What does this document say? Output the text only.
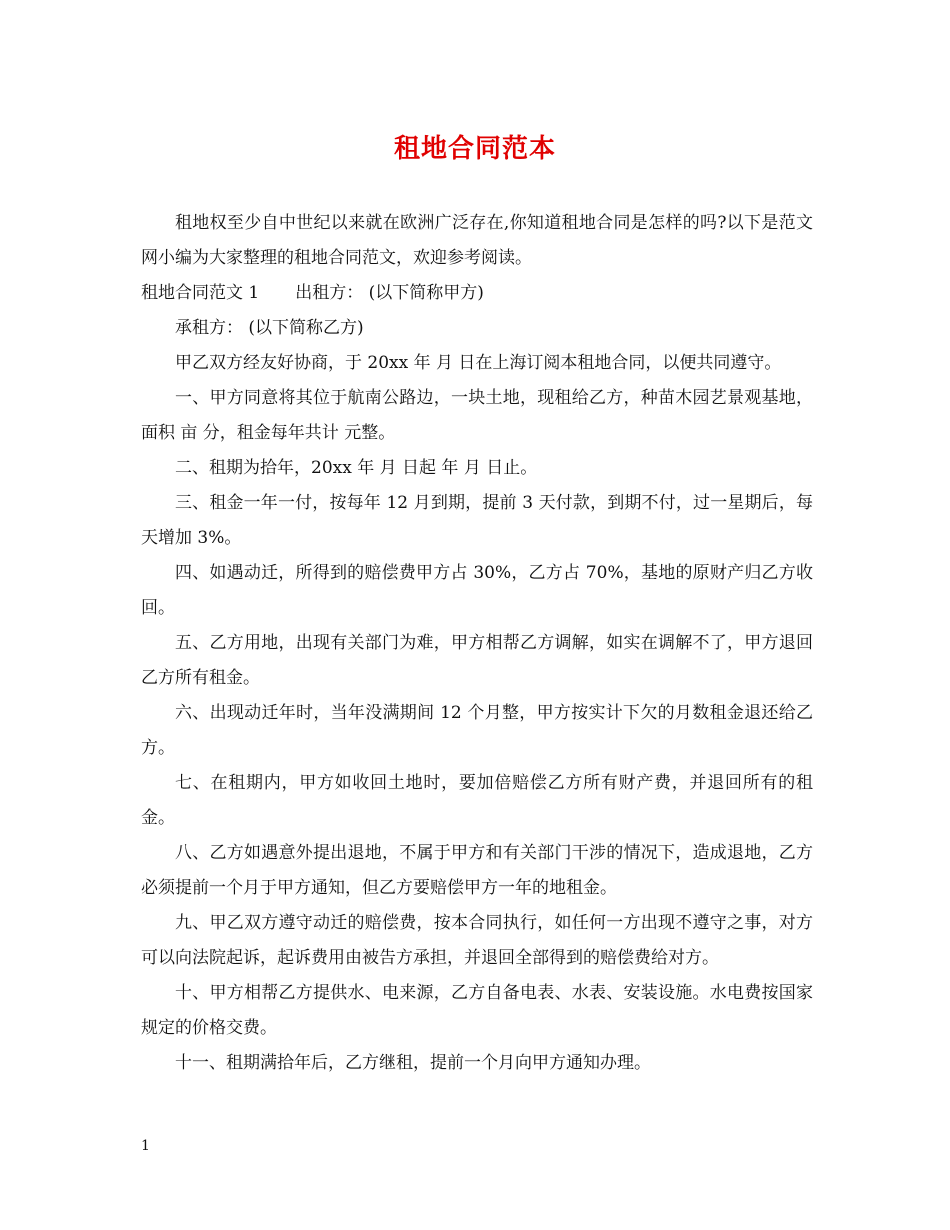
租地合同范本

租地权至少自中世纪以来就在欧洲广泛存在,你知道租地合同是怎样的吗?以下是范文网小编为大家整理的租地合同范文，欢迎参考阅读。

租地合同范文 1 出租方： (以下简称甲方)

承租方： (以下简称乙方)

甲乙双方经友好协商，于 20xx 年 月 日在上海订阅本租地合同，以便共同遵守。

一、甲方同意将其位于航南公路边，一块土地，现租给乙方，种苗木园艺景观基地，面积 亩 分，租金每年共计 元整。

二、租期为拾年，20xx 年 月 日起 年 月 日止。

三、租金一年一付，按每年 12 月到期，提前 3 天付款，到期不付，过一星期后，每天增加 3%。

四、如遇动迁，所得到的赔偿费甲方占 30%，乙方占 70%，基地的原财产归乙方收回。

五、乙方用地，出现有关部门为难，甲方相帮乙方调解，如实在调解不了，甲方退回乙方所有租金。

六、出现动迁年时，当年没满期间 12 个月整，甲方按实计下欠的月数租金退还给乙方。

七、在租期内，甲方如收回土地时，要加倍赔偿乙方所有财产费，并退回所有的租金。

八、乙方如遇意外提出退地，不属于甲方和有关部门干涉的情况下，造成退地，乙方必须提前一个月于甲方通知，但乙方要赔偿甲方一年的地租金。

九、甲乙双方遵守动迁的赔偿费，按本合同执行，如任何一方出现不遵守之事，对方可以向法院起诉，起诉费用由被告方承担，并退回全部得到的赔偿费给对方。

十、甲方相帮乙方提供水、电来源，乙方自备电表、水表、安装设施。水电费按国家规定的价格交费。

十一、租期满拾年后，乙方继租，提前一个月向甲方通知办理。

1
